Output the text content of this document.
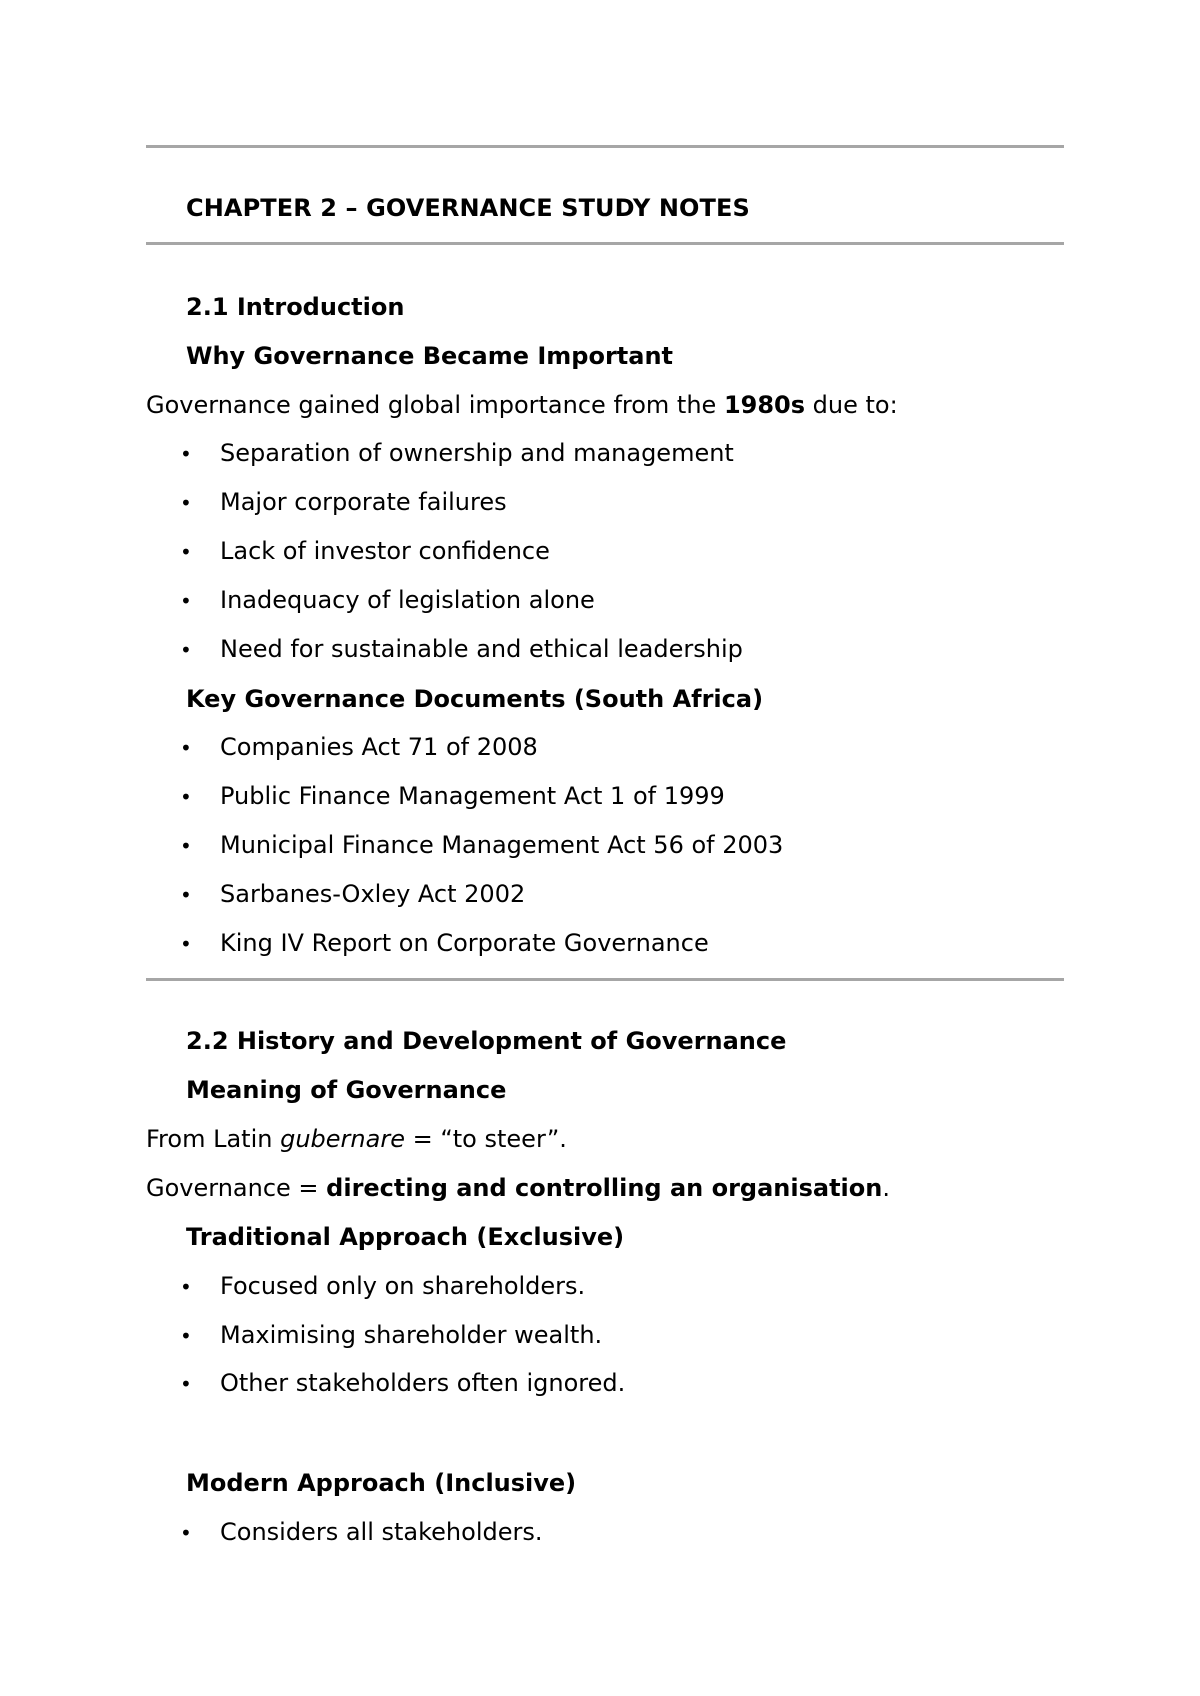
CHAPTER 2 – GOVERNANCE STUDY NOTES
2.1 Introduction
Why Governance Became Important
Governance gained global importance from the 1980s due to:
• Separation of ownership and management
• Major corporate failures
• Lack of investor confidence
• Inadequacy of legislation alone
• Need for sustainable and ethical leadership
Key Governance Documents (South Africa)
• Companies Act 71 of 2008
• Public Finance Management Act 1 of 1999
• Municipal Finance Management Act 56 of 2003
• Sarbanes-Oxley Act 2002
• King IV Report on Corporate Governance
2.2 History and Development of Governance
Meaning of Governance
From Latin gubernare = “to steer”.
Governance = directing and controlling an organisation.
Traditional Approach (Exclusive)
• Focused only on shareholders.
• Maximising shareholder wealth.
• Other stakeholders often ignored.
Modern Approach (Inclusive)
• Considers all stakeholders.
